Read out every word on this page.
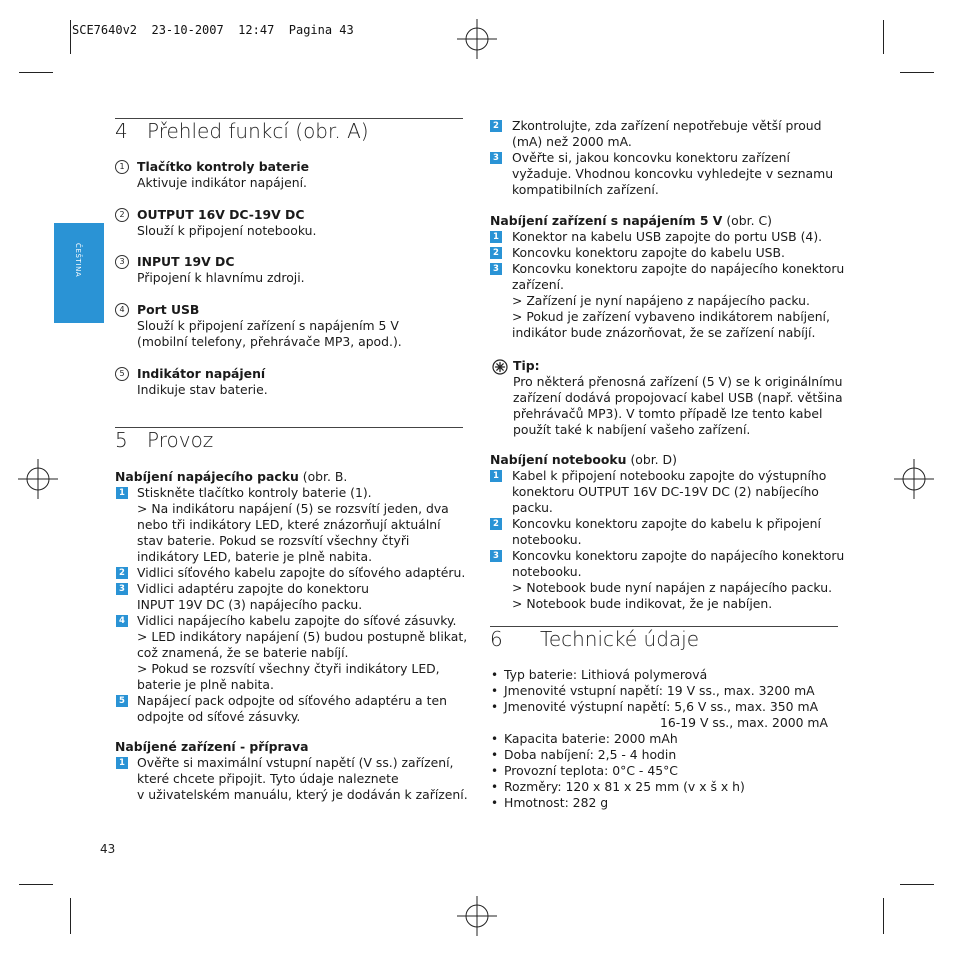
SCE7640v2  23-10-2007  12:47  Pagina 43
ČEŠTINA
4 Přehled funkcí (obr. A)
1	Tlačítko kontroly baterie
Aktivuje indikátor napájení.
2	OUTPUT 16V DC-19V DC
Slouží k připojení notebooku.
3	INPUT 19V DC
Připojení k hlavnímu zdroji.
4	Port USB
Slouží k připojení zařízení s napájením 5 V
(mobilní telefony, přehrávače MP3, apod.).
5	Indikátor napájení
Indikuje stav baterie.
5 Provoz
Nabíjení napájecího packu (obr. B.
1 Stiskněte tlačítko kontroly baterie (1).
> Na indikátoru napájení (5) se rozsvítí jeden, dva
nebo tři indikátory LED, které znázorňují aktuální
stav baterie. Pokud se rozsvítí všechny čtyři
indikátory LED, baterie je plně nabita.
2 Vidlici síťového kabelu zapojte do síťového adaptéru.
3 Vidlici adaptéru zapojte do konektoru
INPUT 19V DC (3) napájecího packu.
4 Vidlici napájecího kabelu zapojte do síťové zásuvky.
> LED indikátory napájení (5) budou postupně blikat,
což znamená, že se baterie nabíjí.
> Pokud se rozsvítí všechny čtyři indikátory LED,
baterie je plně nabita.
5 Napájecí pack odpojte od síťového adaptéru a ten
odpojte od síťové zásuvky.
Nabíjené zařízení - příprava
1 Ověřte si maximální vstupní napětí (V ss.) zařízení,
které chcete připojit. Tyto údaje naleznete
v uživatelském manuálu, který je dodáván k zařízení.
2 Zkontrolujte, zda zařízení nepotřebuje větší proud
(mA) než 2000 mA.
3 Ověřte si, jakou koncovku konektoru zařízení
vyžaduje. Vhodnou koncovku vyhledejte v seznamu
kompatibilních zařízení.
Nabíjení zařízení s napájením 5 V (obr. C)
1 Konektor na kabelu USB zapojte do portu USB (4).
2 Koncovku konektoru zapojte do kabelu USB.
3 Koncovku konektoru zapojte do napájecího konektoru
zařízení.
> Zařízení je nyní napájeno z napájecího packu.
> Pokud je zařízení vybaveno indikátorem nabíjení,
indikátor bude znázorňovat, že se zařízení nabíjí.
Tip:
Pro některá přenosná zařízení (5 V) se k originálnímu
zařízení dodává propojovací kabel USB (např. většina
přehrávačů MP3). V tomto případě lze tento kabel
použít také k nabíjení vašeho zařízení.
Nabíjení notebooku (obr. D)
1 Kabel k připojení notebooku zapojte do výstupního
konektoru OUTPUT 16V DC-19V DC (2) nabíjecího
packu.
2 Koncovku konektoru zapojte do kabelu k připojení
notebooku.
3 Koncovku konektoru zapojte do napájecího konektoru
notebooku.
> Notebook bude nyní napájen z napájecího packu.
> Notebook bude indikovat, že je nabíjen.
6 Technické údaje
• Typ baterie: Lithiová polymerová
• Jmenovité vstupní napětí: 19 V ss., max. 3200 mA
• Jmenovité výstupní napětí: 5,6 V ss., max. 350 mA
• Kapacita baterie: 2000 mAh
• Doba nabíjení: 2,5 - 4 hodin
• Provozní teplota: 0°C - 45°C
• Rozměry: 120 x 81 x 25 mm (v x š x h)
• Hmotnost: 282 g
16-19 V ss., max. 2000 mA
43
